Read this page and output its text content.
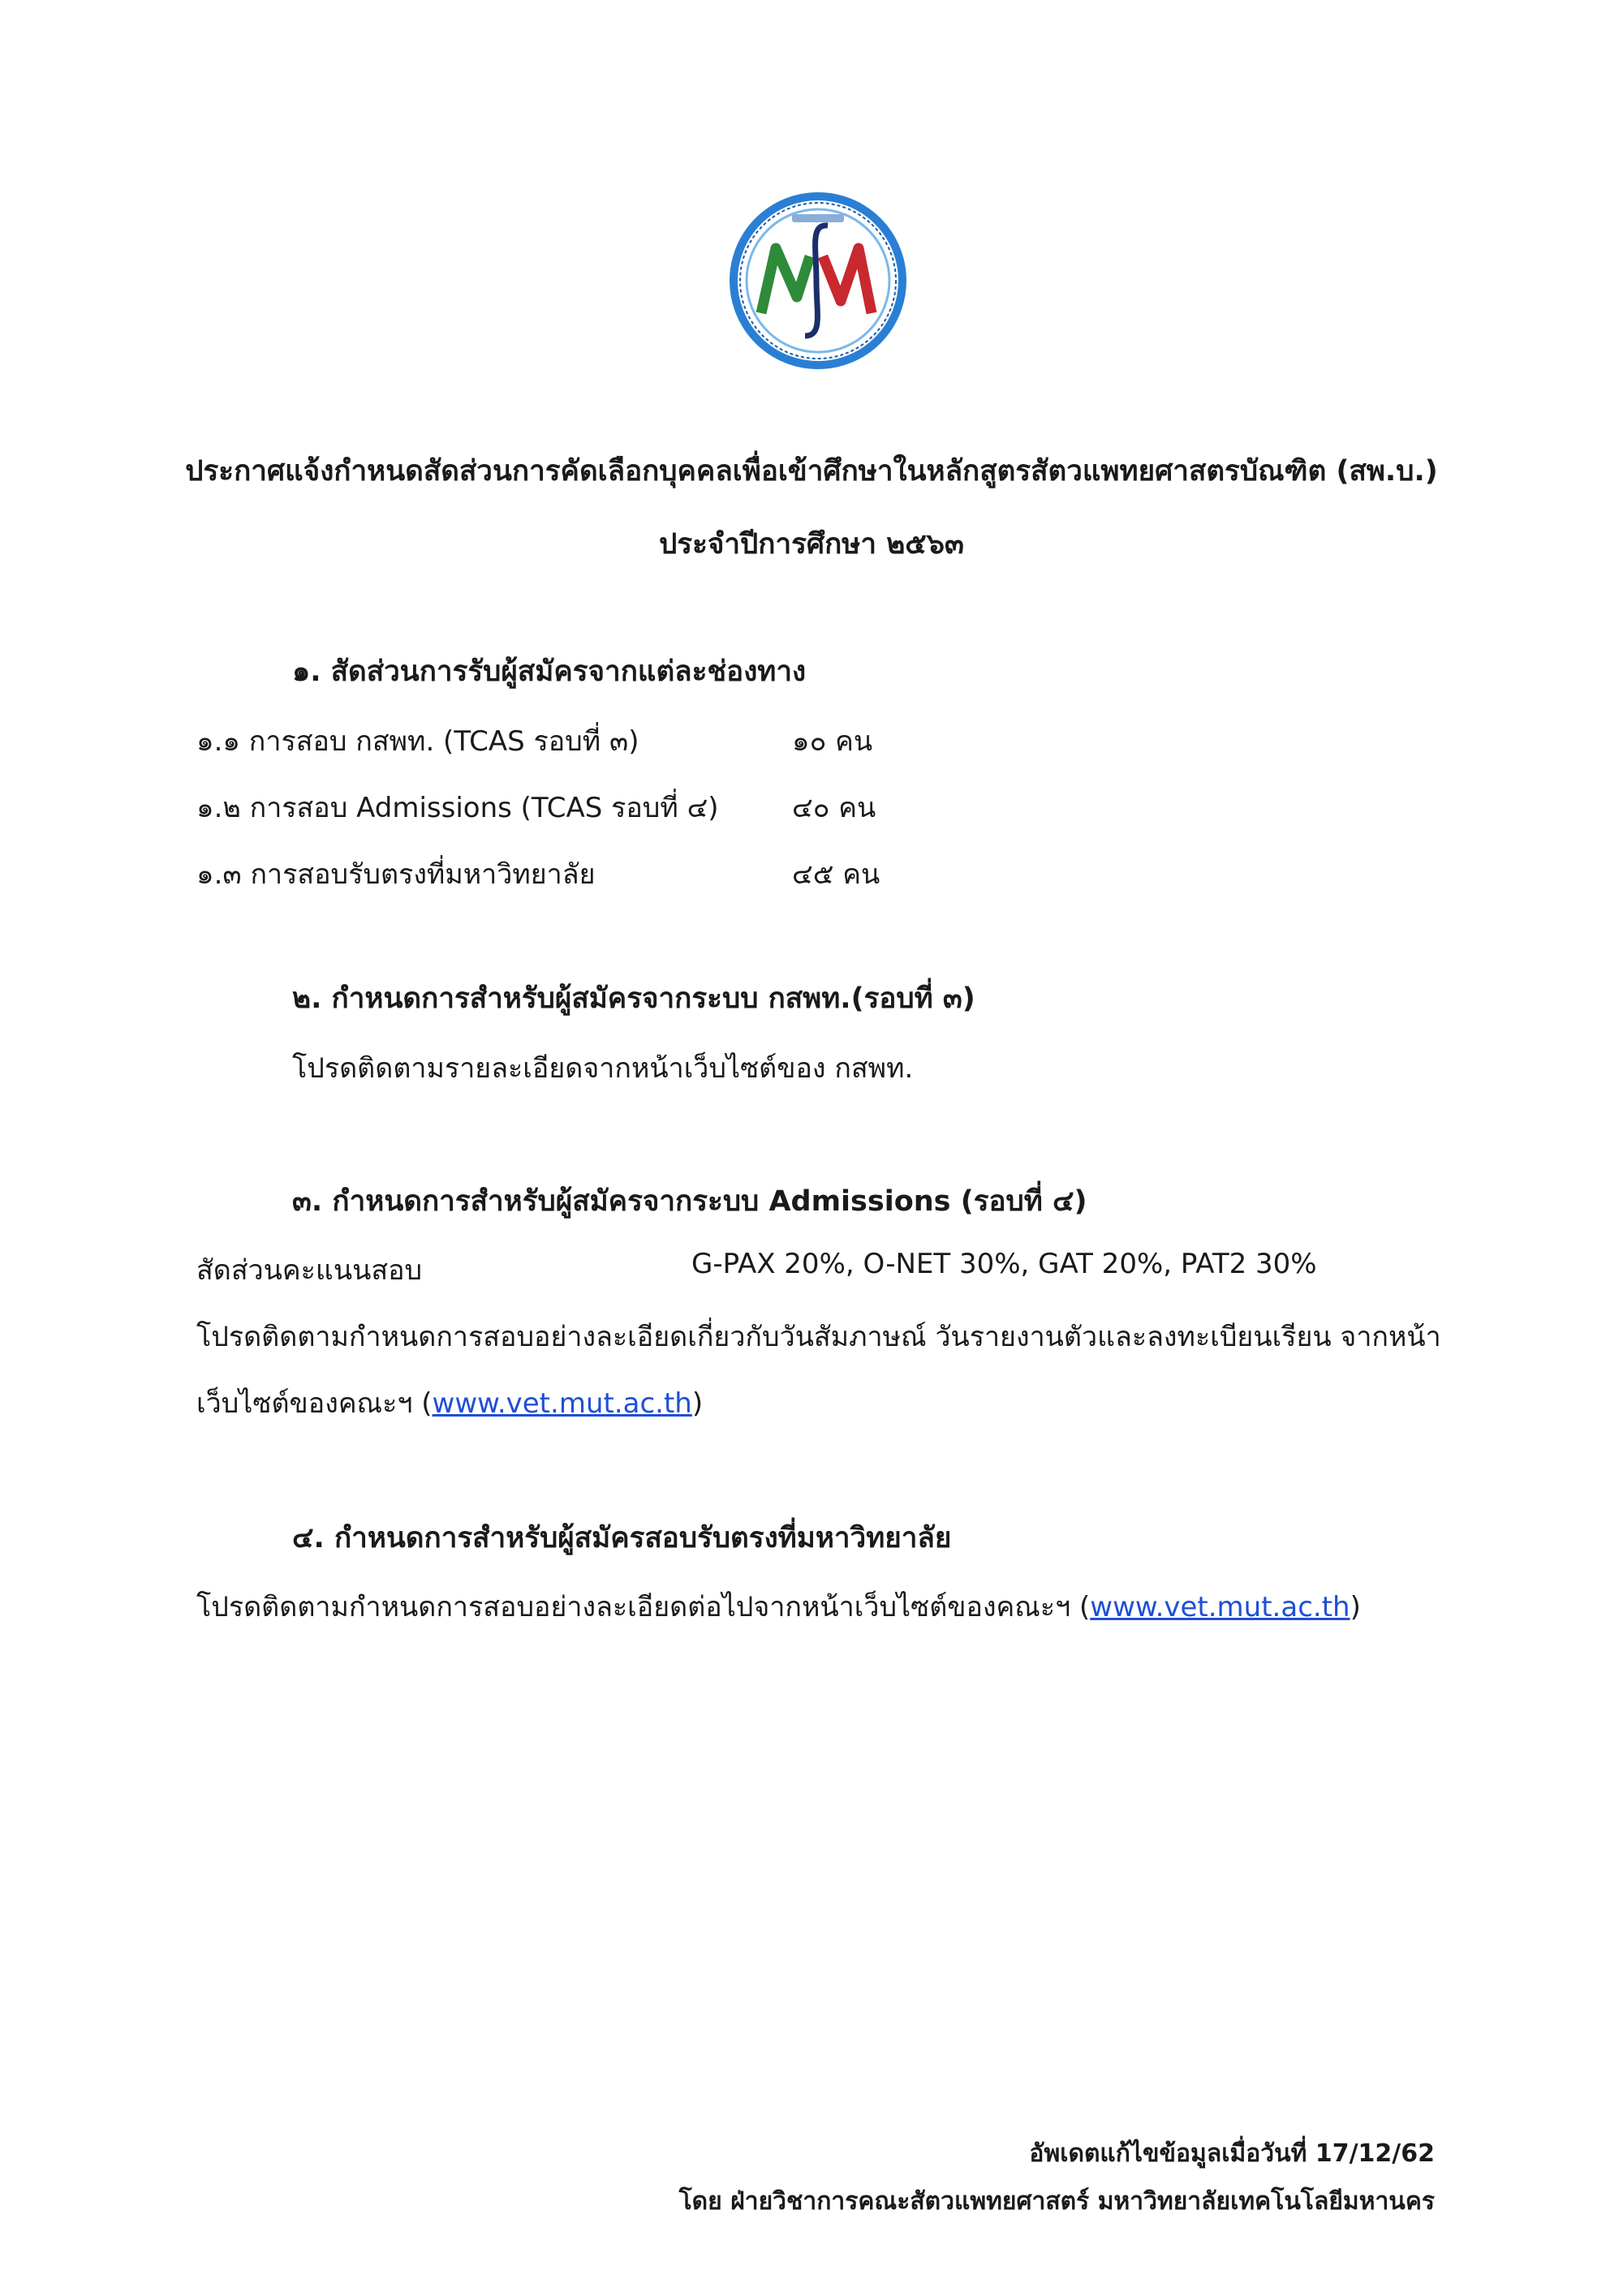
ประกาศแจ้งกำหนดสัดส่วนการคัดเลือกบุคคลเพื่อเข้าศึกษาในหลักสูตรสัตวแพทยศาสตรบัณฑิต (สพ.บ.)
ประจำปีการศึกษา ๒๕๖๓
๑. สัดส่วนการรับผู้สมัครจากแต่ละช่องทาง
๑.๑ การสอบ กสพท. (TCAS รอบที่ ๓)	๑๐ คน
๑.๒ การสอบ Admissions (TCAS รอบที่ ๔)	๔๐ คน
๑.๓ การสอบรับตรงที่มหาวิทยาลัย	๔๕ คน
๒. กำหนดการสำหรับผู้สมัครจากระบบ กสพท.(รอบที่ ๓)
โปรดติดตามรายละเอียดจากหน้าเว็บไซต์ของ กสพท.
๓. กำหนดการสำหรับผู้สมัครจากระบบ Admissions (รอบที่ ๔)
สัดส่วนคะแนนสอบ	G-PAX 20%, O-NET 30%, GAT 20%, PAT2 30%
โปรดติดตามกำหนดการสอบอย่างละเอียดเกี่ยวกับวันสัมภาษณ์ วันรายงานตัวและลงทะเบียนเรียน จากหน้า
เว็บไซต์ของคณะฯ (www.vet.mut.ac.th)
๔. กำหนดการสำหรับผู้สมัครสอบรับตรงที่มหาวิทยาลัย
โปรดติดตามกำหนดการสอบอย่างละเอียดต่อไปจากหน้าเว็บไซต์ของคณะฯ (www.vet.mut.ac.th)
อัพเดตแก้ไขข้อมูลเมื่อวันที่ 17/12/62
โดย ฝ่ายวิชาการคณะสัตวแพทยศาสตร์ มหาวิทยาลัยเทคโนโลยีมหานคร
